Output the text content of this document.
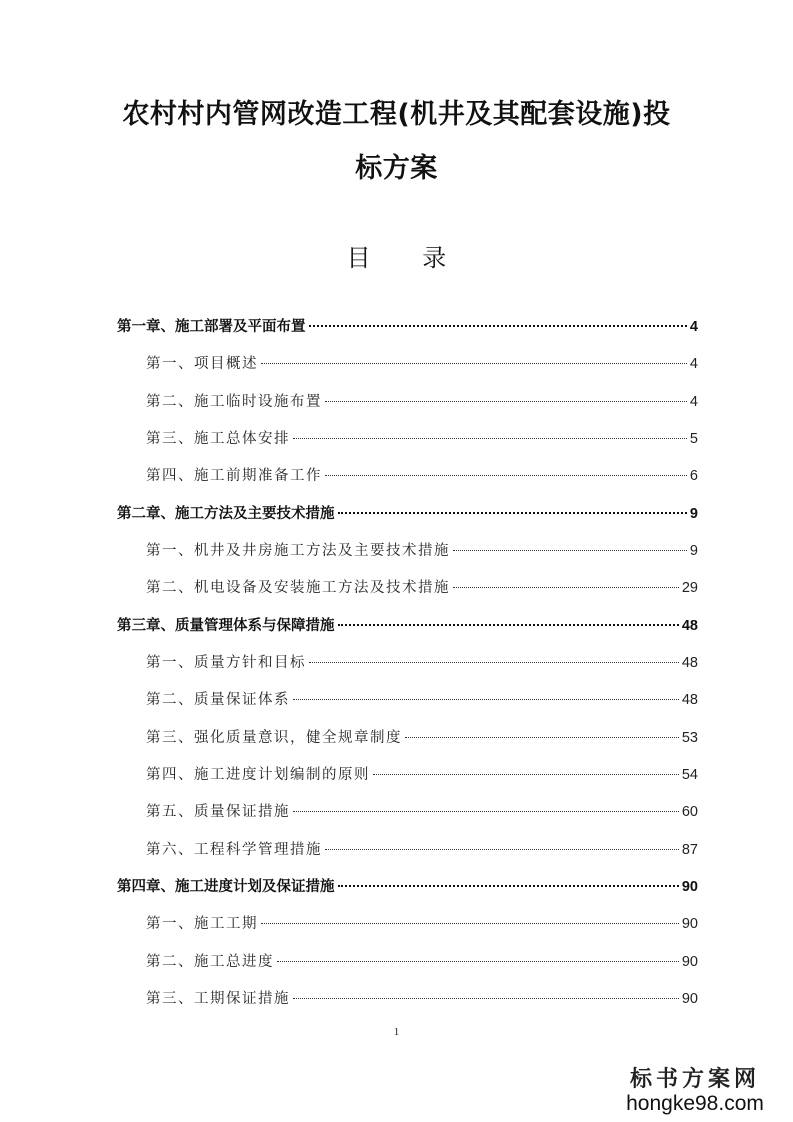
农村村内管网改造工程(机井及其配套设施)投
标方案
目 录
第一章、施工部署及平面布置	4
第一、项目概述	4
第二、施工临时设施布置	4
第三、施工总体安排	5
第四、施工前期准备工作	6
第二章、施工方法及主要技术措施	9
第一、机井及井房施工方法及主要技术措施	9
第二、机电设备及安装施工方法及技术措施	29
第三章、质量管理体系与保障措施	48
第一、质量方针和目标	48
第二、质量保证体系	48
第三、强化质量意识，健全规章制度	53
第四、施工进度计划编制的原则	54
第五、质量保证措施	60
第六、工程科学管理措施	87
第四章、施工进度计划及保证措施	90
第一、施工工期	90
第二、施工总进度	90
第三、工期保证措施	90
1
标书方案网
hongke98.com
